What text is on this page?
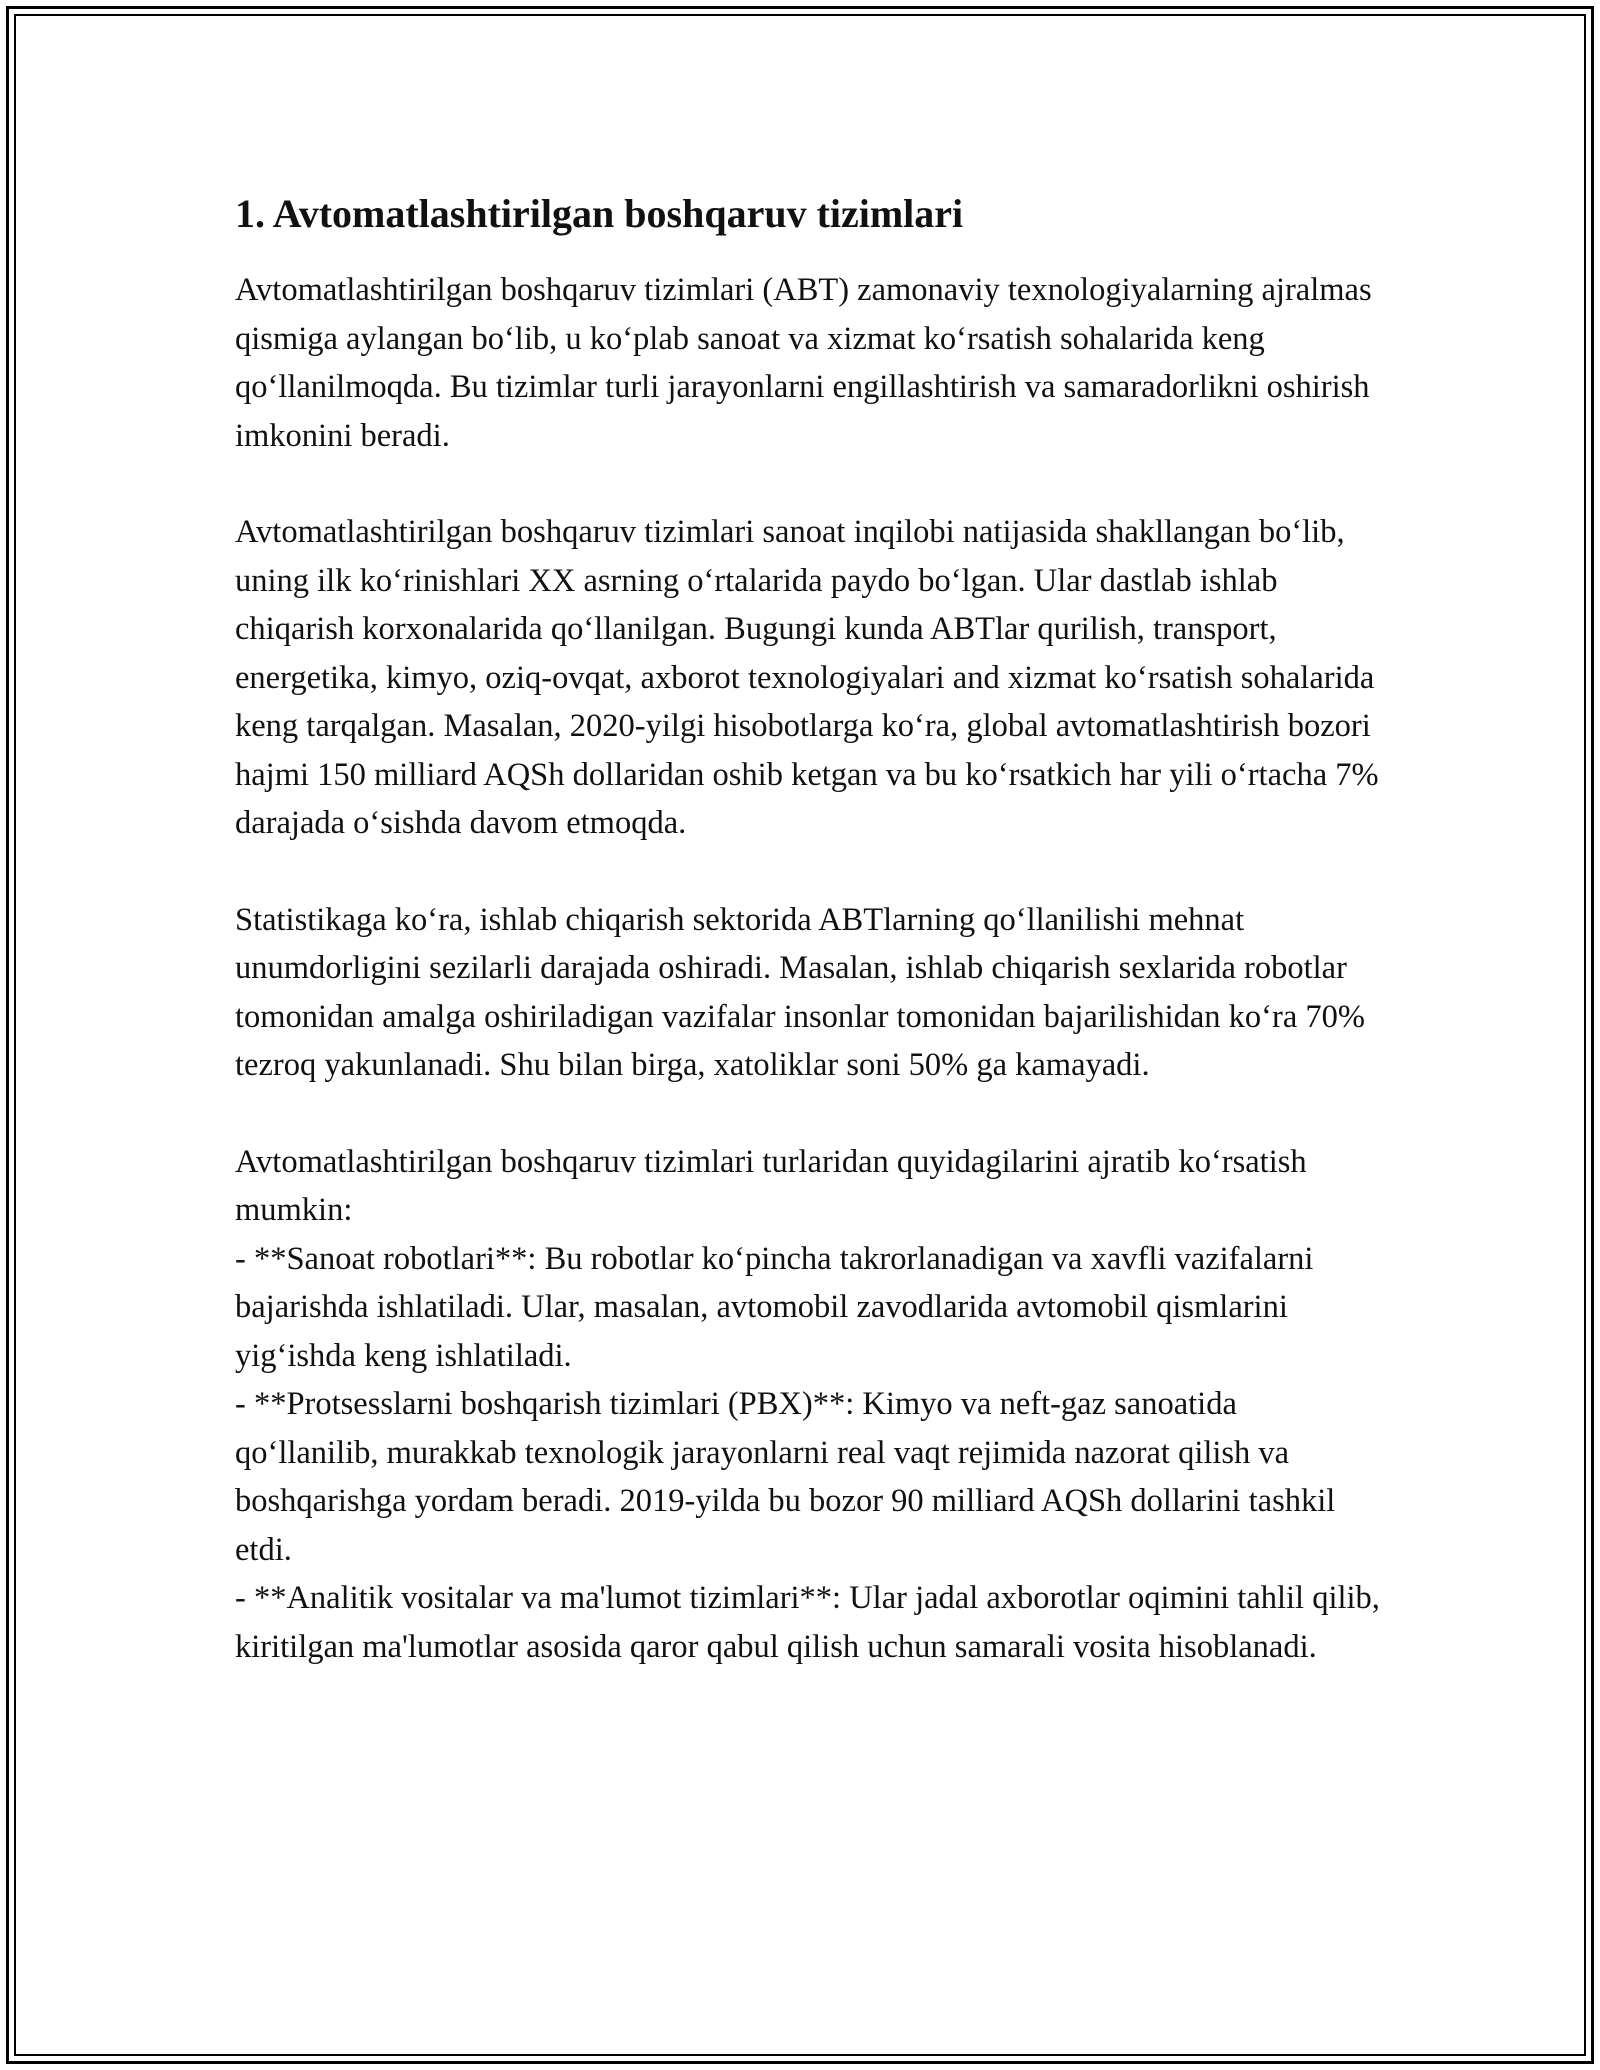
1. Avtomatlashtirilgan boshqaruv tizimlari

Avtomatlashtirilgan boshqaruv tizimlari (ABT) zamonaviy texnologiyalarning ajralmas qismiga aylangan bo‘lib, u ko‘plab sanoat va xizmat ko‘rsatish sohalarida keng qo‘llanilmoqda. Bu tizimlar turli jarayonlarni engillashtirish va samaradorlikni oshirish imkonini beradi.

Avtomatlashtirilgan boshqaruv tizimlari sanoat inqilobi natijasida shakllangan bo‘lib, uning ilk ko‘rinishlari XX asrning o‘rtalarida paydo bo‘lgan. Ular dastlab ishlab chiqarish korxonalarida qo‘llanilgan. Bugungi kunda ABTlar qurilish, transport, energetika, kimyo, oziq-ovqat, axborot texnologiyalari and xizmat ko‘rsatish sohalarida keng tarqalgan. Masalan, 2020-yilgi hisobotlarga ko‘ra, global avtomatlashtirish bozori hajmi 150 milliard AQSh dollaridan oshib ketgan va bu ko‘rsatkich har yili o‘rtacha 7% darajada o‘sishda davom etmoqda.

Statistikaga ko‘ra, ishlab chiqarish sektorida ABTlarning qo‘llanilishi mehnat unumdorligini sezilarli darajada oshiradi. Masalan, ishlab chiqarish sexlarida robotlar tomonidan amalga oshiriladigan vazifalar insonlar tomonidan bajarilishidan ko‘ra 70% tezroq yakunlanadi. Shu bilan birga, xatoliklar soni 50% ga kamayadi.

Avtomatlashtirilgan boshqaruv tizimlari turlaridan quyidagilarini ajratib ko‘rsatish mumkin:

- **Sanoat robotlari**: Bu robotlar ko‘pincha takrorlanadigan va xavfli vazifalarni bajarishda ishlatiladi. Ular, masalan, avtomobil zavodlarida avtomobil qismlarini yig‘ishda keng ishlatiladi.
- **Protsesslarni boshqarish tizimlari (PBX)**: Kimyo va neft-gaz sanoatida qo‘llanilib, murakkab texnologik jarayonlarni real vaqt rejimida nazorat qilish va boshqarishga yordam beradi. 2019-yilda bu bozor 90 milliard AQSh dollarini tashkil etdi.
- **Analitik vositalar va ma'lumot tizimlari**: Ular jadal axborotlar oqimini tahlil qilib, kiritilgan ma'lumotlar asosida qaror qabul qilish uchun samarali vosita hisoblanadi.
